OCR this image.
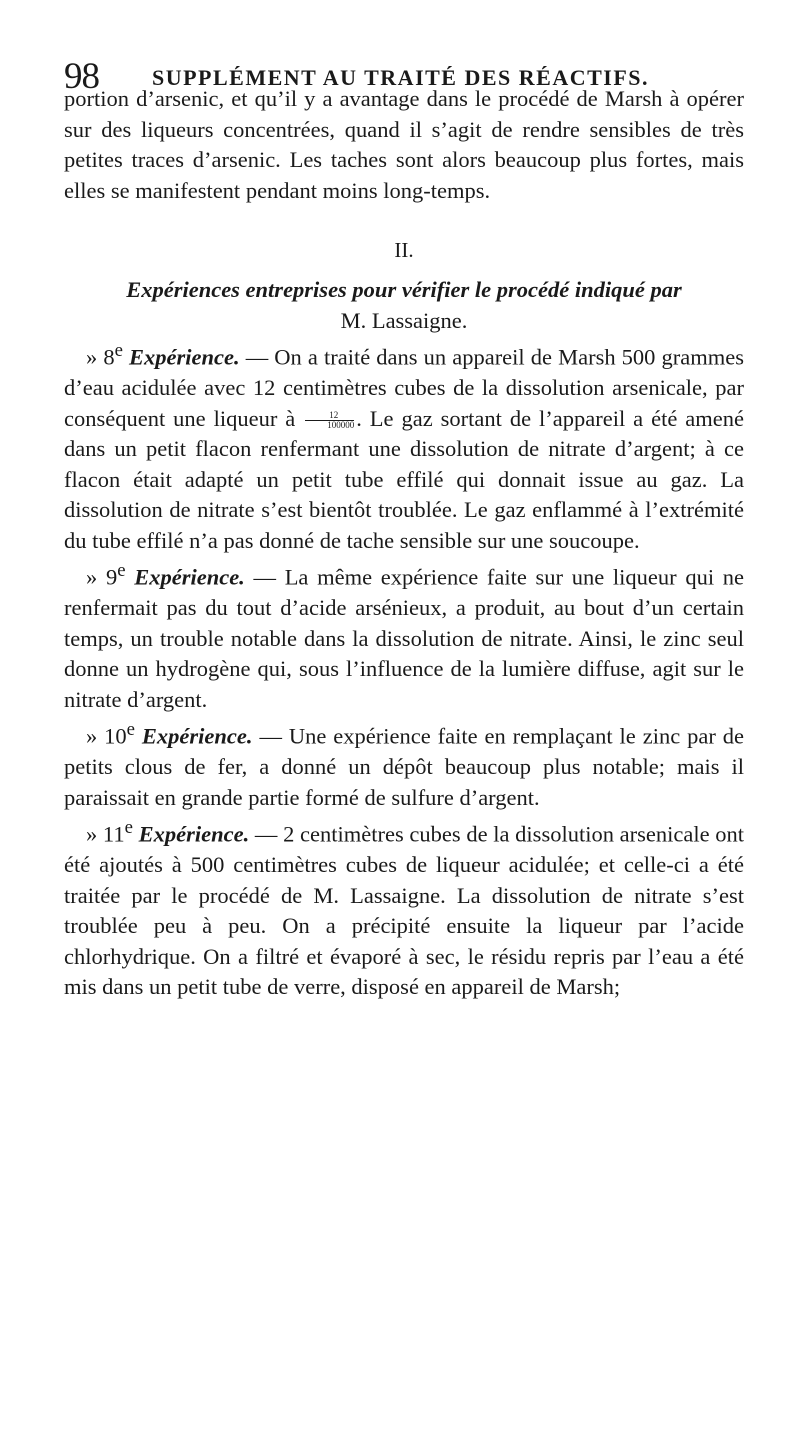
98 SUPPLÉMENT AU TRAITÉ DES RÉACTIFS.

portion d’arsenic, et qu’il y a avantage dans le procédé de Marsh à opérer sur des liqueurs concentrées, quand il s’agit de rendre sensibles de très petites traces d’arsenic. Les taches sont alors beaucoup plus fortes, mais elles se manifestent pendant moins long-temps.

II.
Expériences entreprises pour vérifier le procédé indiqué par
M. Lassaigne.

» 8e Expérience. — On a traité dans un appareil de Marsh 500 grammes d’eau acidulée avec 12 centimètres cubes de la dissolution arsenicale, par conséquent une liqueur à $\frac{12}{100000}$ . Le gaz sortant de l’appareil a été amené dans un petit flacon renfermant une dissolution de nitrate d’argent; à ce flacon était adapté un petit tube effilé qui donnait issue au gaz. La dissolution de nitrate s’est bientôt troublée. Le gaz enflammé à l’extrémité du tube effilé n’a pas donné de tache sensible sur une soucoupe.

» 9e Expérience. — La même expérience faite sur une liqueur qui ne renfermait pas du tout d’acide arsénieux, a produit, au bout d’un certain temps, un trouble notable dans la dissolution de nitrate. Ainsi, le zinc seul donne un hydrogène qui, sous l’influence de la lumière diffuse, agit sur le nitrate d’argent.

» 10e Expérience. — Une expérience faite en remplaçant le zinc par de petits clous de fer, a donné un dépôt beaucoup plus notable; mais il paraissait en grande partie formé de sulfure d’argent.

» 11e Expérience. — 2 centimètres cubes de la dissolution arsenicale ont été ajoutés à 500 centimètres cubes de liqueur acidulée; et celle-ci a été traitée par le procédé de M. Lassaigne. La dissolution de nitrate s’est troublée peu à peu. On a précipité ensuite la liqueur par l’acide chlorhydrique. On a filtré et évaporé à sec, le résidu repris par l’eau a été mis dans un petit tube de verre, disposé en appareil de Marsh;
